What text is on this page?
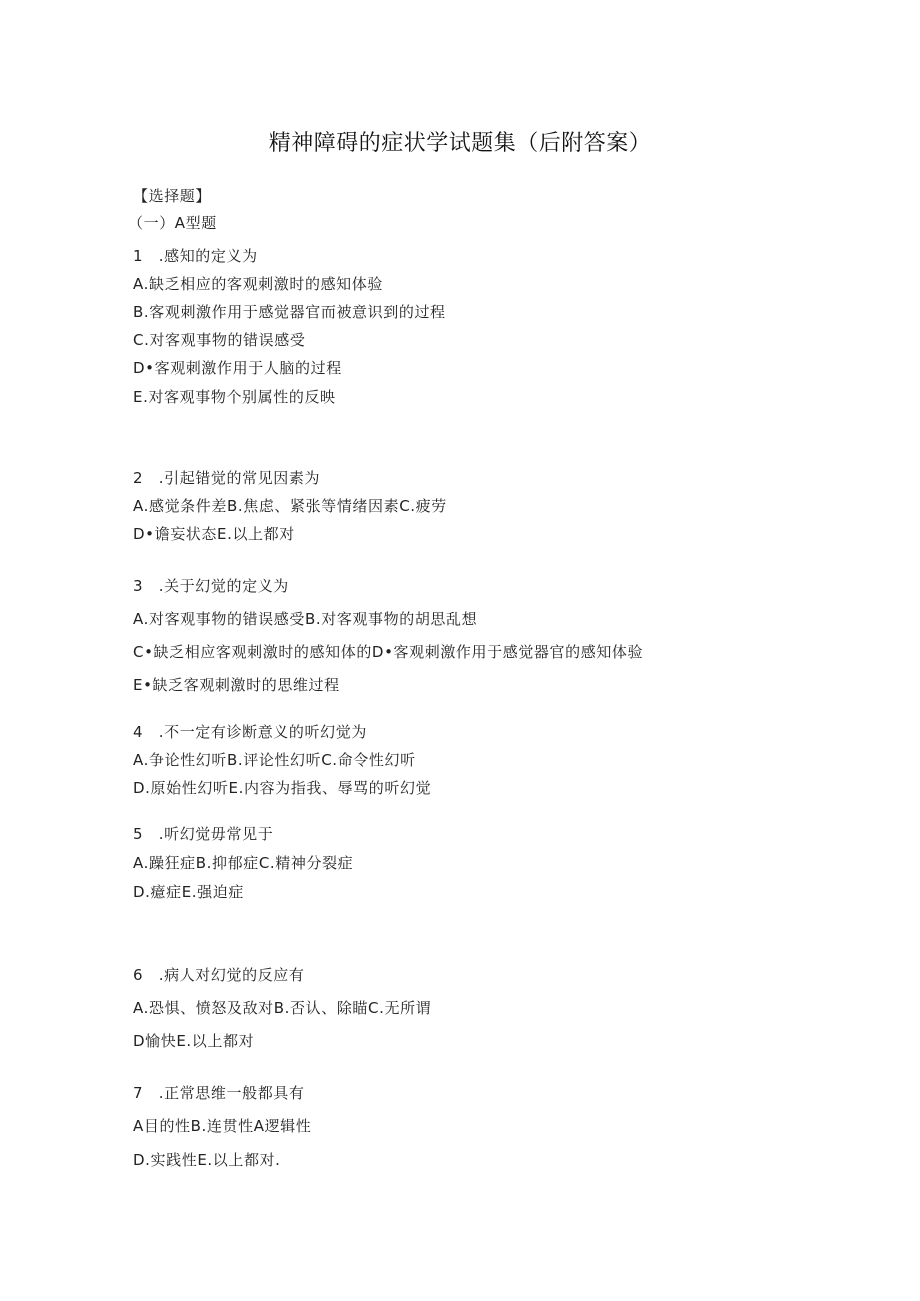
精神障碍的症状学试题集（后附答案）
【选择题】
（一）A型题
1　.感知的定义为
A.缺乏相应的客观刺激时的感知体验
B.客观刺激作用于感觉器官而被意识到的过程
C.对客观事物的错误感受
D•客观刺激作用于人脑的过程
E.对客观事物个别属性的反映
2　.引起错觉的常见因素为
A.感觉条件差B.焦虑、紧张等情绪因素C.疲劳
D•谵妄状态E.以上都对
3　.关于幻觉的定义为
A.对客观事物的错误感受B.对客观事物的胡思乱想
C•缺乏相应客观刺激时的感知体的D•客观刺激作用于感觉器官的感知体验
E•缺乏客观刺激时的思维过程
4　.不一定有诊断意义的听幻觉为
A.争论性幻听B.评论性幻听C.命令性幻听
D.原始性幻听E.内容为指我、辱骂的听幻觉
5　.听幻觉毋常见于
A.躁狂症B.抑郁症C.精神分裂症
D.癔症E.强迫症
6　.病人对幻觉的反应有
A.恐惧、愤怒及敌对B.否认、除瞄C.无所谓
D愉快E.以上都对
7　.正常思维一般都具有
A目的性B.连贯性A逻辑性
D.实践性E.以上都对.
